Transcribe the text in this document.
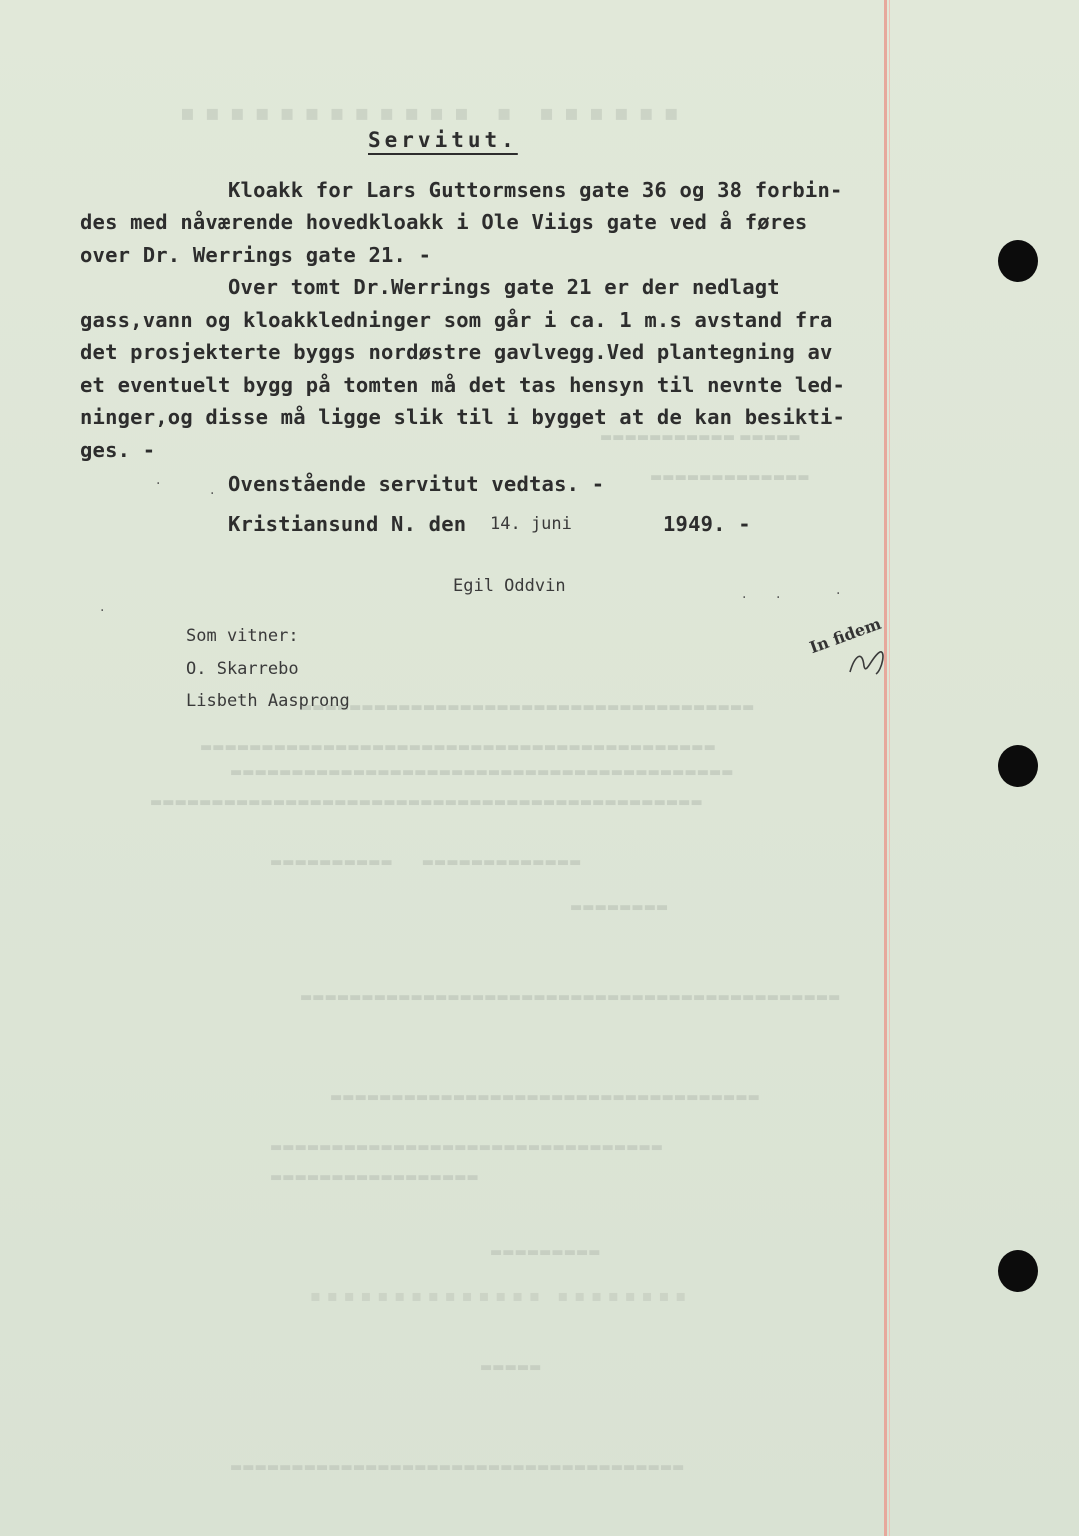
▪▪▪▪▪▪▪▪▪▪▪▪ ▪ ▪▪▪▪▪▪
▬▬▬▬▬▬▬▬▬▬▬ ▬▬▬▬▬
▬▬▬▬▬▬▬▬▬▬▬▬▬
▬▬▬▬▬▬▬▬▬▬▬▬▬▬▬▬▬▬▬▬▬▬▬▬▬▬▬▬▬▬▬▬▬▬▬▬▬
▬▬▬▬▬▬▬▬▬▬▬▬▬▬▬▬▬▬▬▬▬▬▬▬▬▬▬▬▬▬▬▬▬▬▬▬▬▬▬▬▬▬
▬▬▬▬▬▬▬▬▬▬▬▬▬▬▬▬▬▬▬▬▬▬▬▬▬▬▬▬▬▬▬▬▬▬▬▬▬▬▬▬▬
▬▬▬▬▬▬▬▬▬▬▬▬▬▬▬▬▬▬▬▬▬▬▬▬▬▬▬▬▬▬▬▬▬▬▬▬▬▬▬▬▬▬▬▬▬
▬▬▬▬▬▬▬▬▬▬       ▬▬▬▬▬▬▬▬▬▬▬▬▬
▬▬▬▬▬▬▬▬
▬▬▬▬▬▬▬▬▬▬▬▬▬▬▬▬▬▬▬▬▬▬▬▬▬▬▬▬▬▬▬▬▬▬▬▬▬▬▬▬▬▬▬▬
▬▬▬▬▬▬▬▬▬▬▬▬▬▬▬▬▬▬▬▬▬▬▬▬▬▬▬▬▬▬▬▬▬▬▬
▬▬▬▬▬▬▬▬▬▬▬▬▬▬▬▬▬▬▬▬▬▬▬▬▬▬▬▬▬▬▬▬
▬▬▬▬▬▬▬▬▬▬▬▬▬▬▬▬▬
▬▬▬▬▬▬▬▬▬
▪▪▪▪▪▪▪▪▪▪▪▪▪▪ ▪▪▪▪▪▪▪▪
▬▬▬▬▬
▬▬▬▬▬▬▬▬▬▬▬▬▬▬▬▬▬▬▬▬▬▬▬▬▬▬▬▬▬▬▬▬▬▬▬▬▬
Servitut.
Kloakk for Lars Guttormsens gate 36 og 38 forbin-
des med nåværende hovedkloakk i Ole Viigs gate ved å føres
over Dr. Werrings gate 21. -
Over tomt Dr.Werrings gate 21 er der nedlagt
gass,vann og kloakkledninger som går i ca. 1 m.s avstand fra
det prosjekterte byggs nordøstre gavlvegg.Ved plantegning av
et eventuelt bygg på tomten må det tas hensyn til nevnte led-
ninger,og disse må ligge slik til i bygget at de kan besikti-
ges. -
Ovenstående servitut vedtas. -
Kristiansund N. den 14. juni	1949. -
Egil Oddvin
Som vitner:
O. Skarrebo
Lisbeth Aasprong
In fidem
·
·
·
· ·	·
